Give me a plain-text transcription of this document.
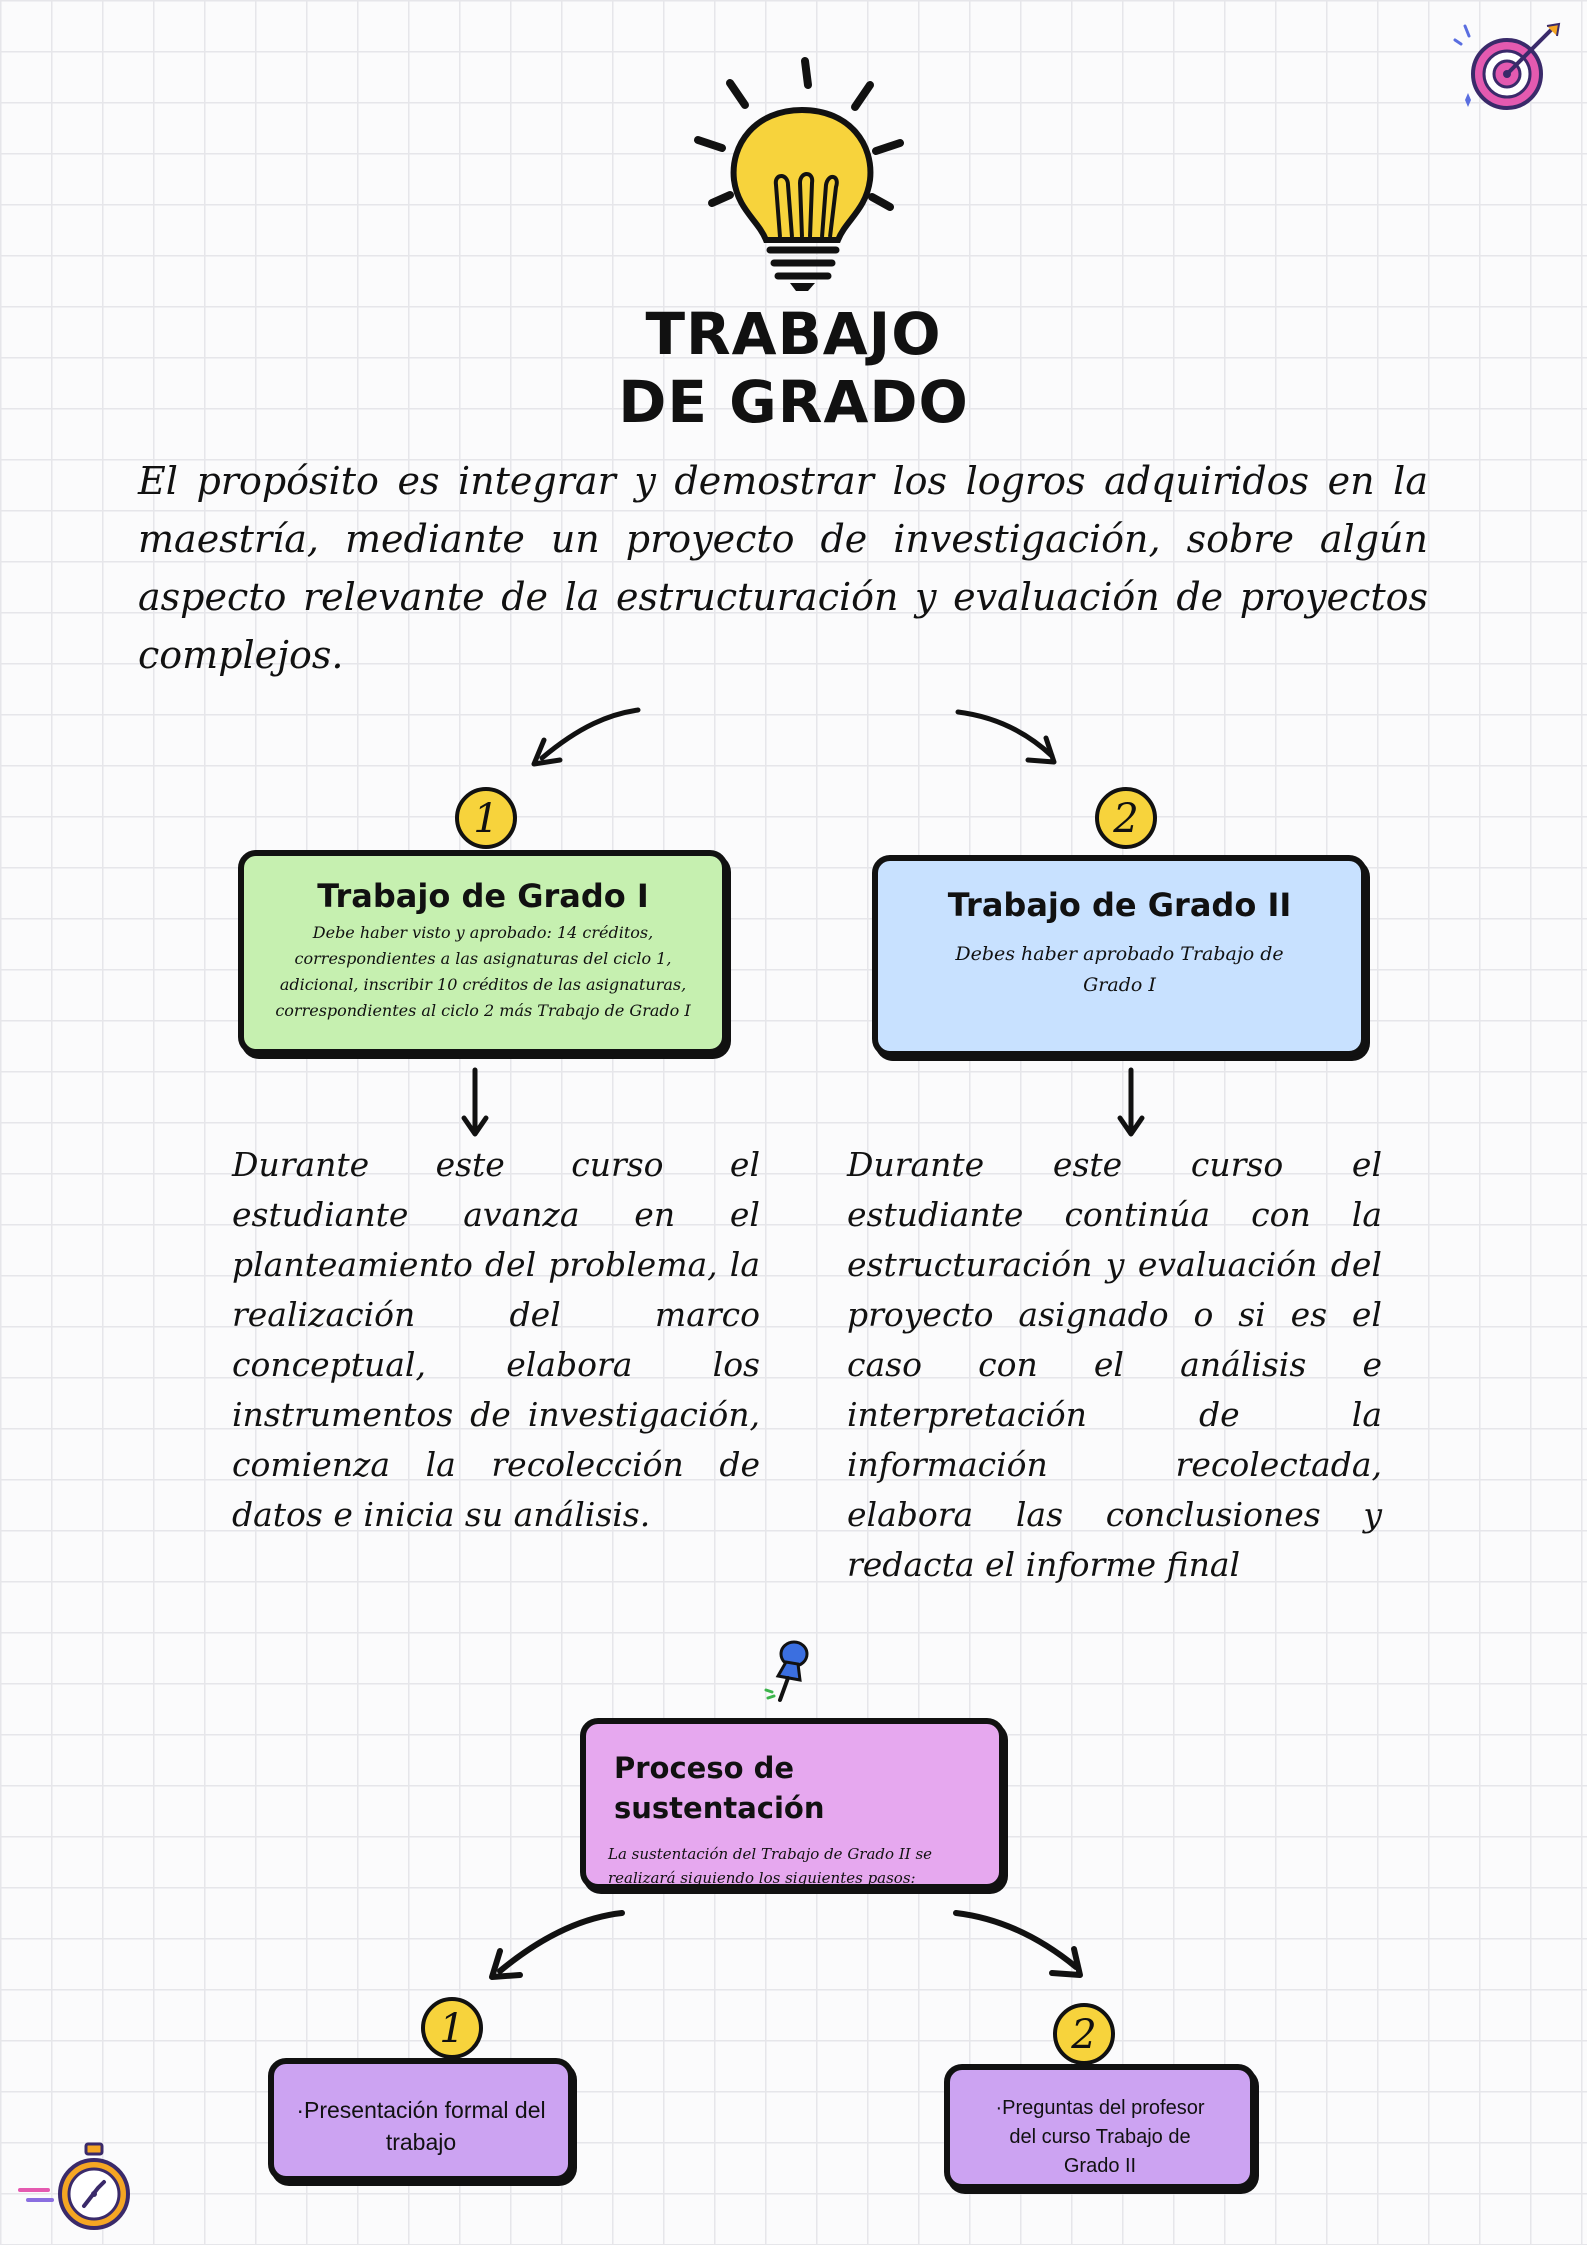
TRABAJO
DE GRADO
El propósito es integrar y demostrar los logros adquiridos en la maestría, mediante un proyecto de investigación, sobre algún aspecto relevante de la estructuración y evaluación de proyectos complejos.
1	2
Trabajo de Grado I
Debe haber visto y aprobado: 14 créditos, correspondientes a las asignaturas del ciclo 1, adicional, inscribir 10 créditos de las asignaturas, correspondientes al ciclo 2 más Trabajo de Grado I
Trabajo de Grado II
Debes haber aprobado Trabajo de Grado I
Durante este curso el estudiante avanza en el planteamiento del problema, la realización del marco conceptual, elabora los instrumentos de investigación, comienza la recolección de datos e inicia su análisis.
Durante este curso el estudiante continúa con la estructuración y evaluación del proyecto asignado o si es el caso con el análisis e interpretación de la información recolectada, elabora las conclusiones y redacta el informe final
Proceso de sustentación
La sustentación del Trabajo de Grado II se realizará siguiendo los siguientes pasos:
1	2
·Presentación formal del trabajo
·Preguntas del profesor del curso Trabajo de Grado II
